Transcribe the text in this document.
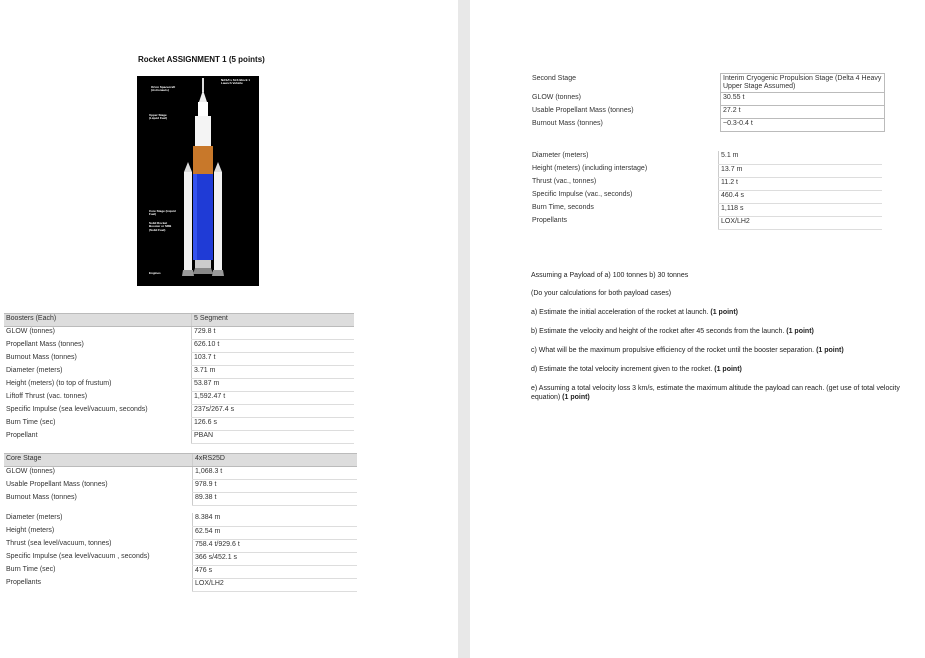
Rocket ASSIGNMENT 1 (5 points)
NASA's SLS Block 1 Launch Vehicle
Orion Spacecraft (Astronauts)
Upper Stage (Liquid Fuel)
Core Stage (Liquid Fuel)
Solid Rocket Booster or SRB (Solid Fuel)
Engines
Boosters (Each)	5 Segment
GLOW (tonnes)	729.8 t
Propellant Mass (tonnes)	626.10 t
Burnout Mass (tonnes)	103.7 t
Diameter (meters)	3.71 m
Height (meters) (to top of frustum)	53.87 m
Liftoff Thrust (vac. tonnes)	1,592.47 t
Specific Impulse (sea level/vacuum, seconds)	237s/267.4 s
Burn Time (sec)	126.6 s
Propellant	PBAN
Core Stage	4xRS25D
GLOW (tonnes)	1,068.3 t
Usable Propellant Mass (tonnes)	978.9 t
Burnout Mass (tonnes)	89.38 t
Diameter (meters)	8.384 m
Height (meters)	62.54 m
Thrust (sea level/vacuum, tonnes)	758.4 t/929.6 t
Specific Impulse (sea level/vacuum , seconds)	366 s/452.1 s
Burn Time (sec)	476 s
Propellants	LOX/LH2
Second Stage	Interim Cryogenic Propulsion Stage (Delta 4 Heavy Upper Stage Assumed)
GLOW (tonnes)	30.55 t
Usable Propellant Mass (tonnes)	27.2 t
Burnout Mass (tonnes)	~0.3-0.4 t
Diameter (meters)	5.1 m
Height (meters) (including interstage)	13.7 m
Thrust (vac., tonnes)	11.2 t
Specific Impulse (vac., seconds)	460.4 s
Burn Time, seconds	1,118 s
Propellants	LOX/LH2
Assuming a Payload of a) 100 tonnes b) 30 tonnes
(Do your calculations for both payload cases)
a) Estimate the initial acceleration of the rocket at launch. (1 point)
b) Estimate the velocity and height of the rocket after 45 seconds from the launch. (1 point)
c) What will be the maximum propulsive efficiency of the rocket until the booster separation. (1 point)
d) Estimate the total velocity increment given to the rocket. (1 point)
e) Assuming a total velocity loss 3 km/s, estimate the maximum altitude the payload can reach. (get use of total velocity equation) (1 point)
